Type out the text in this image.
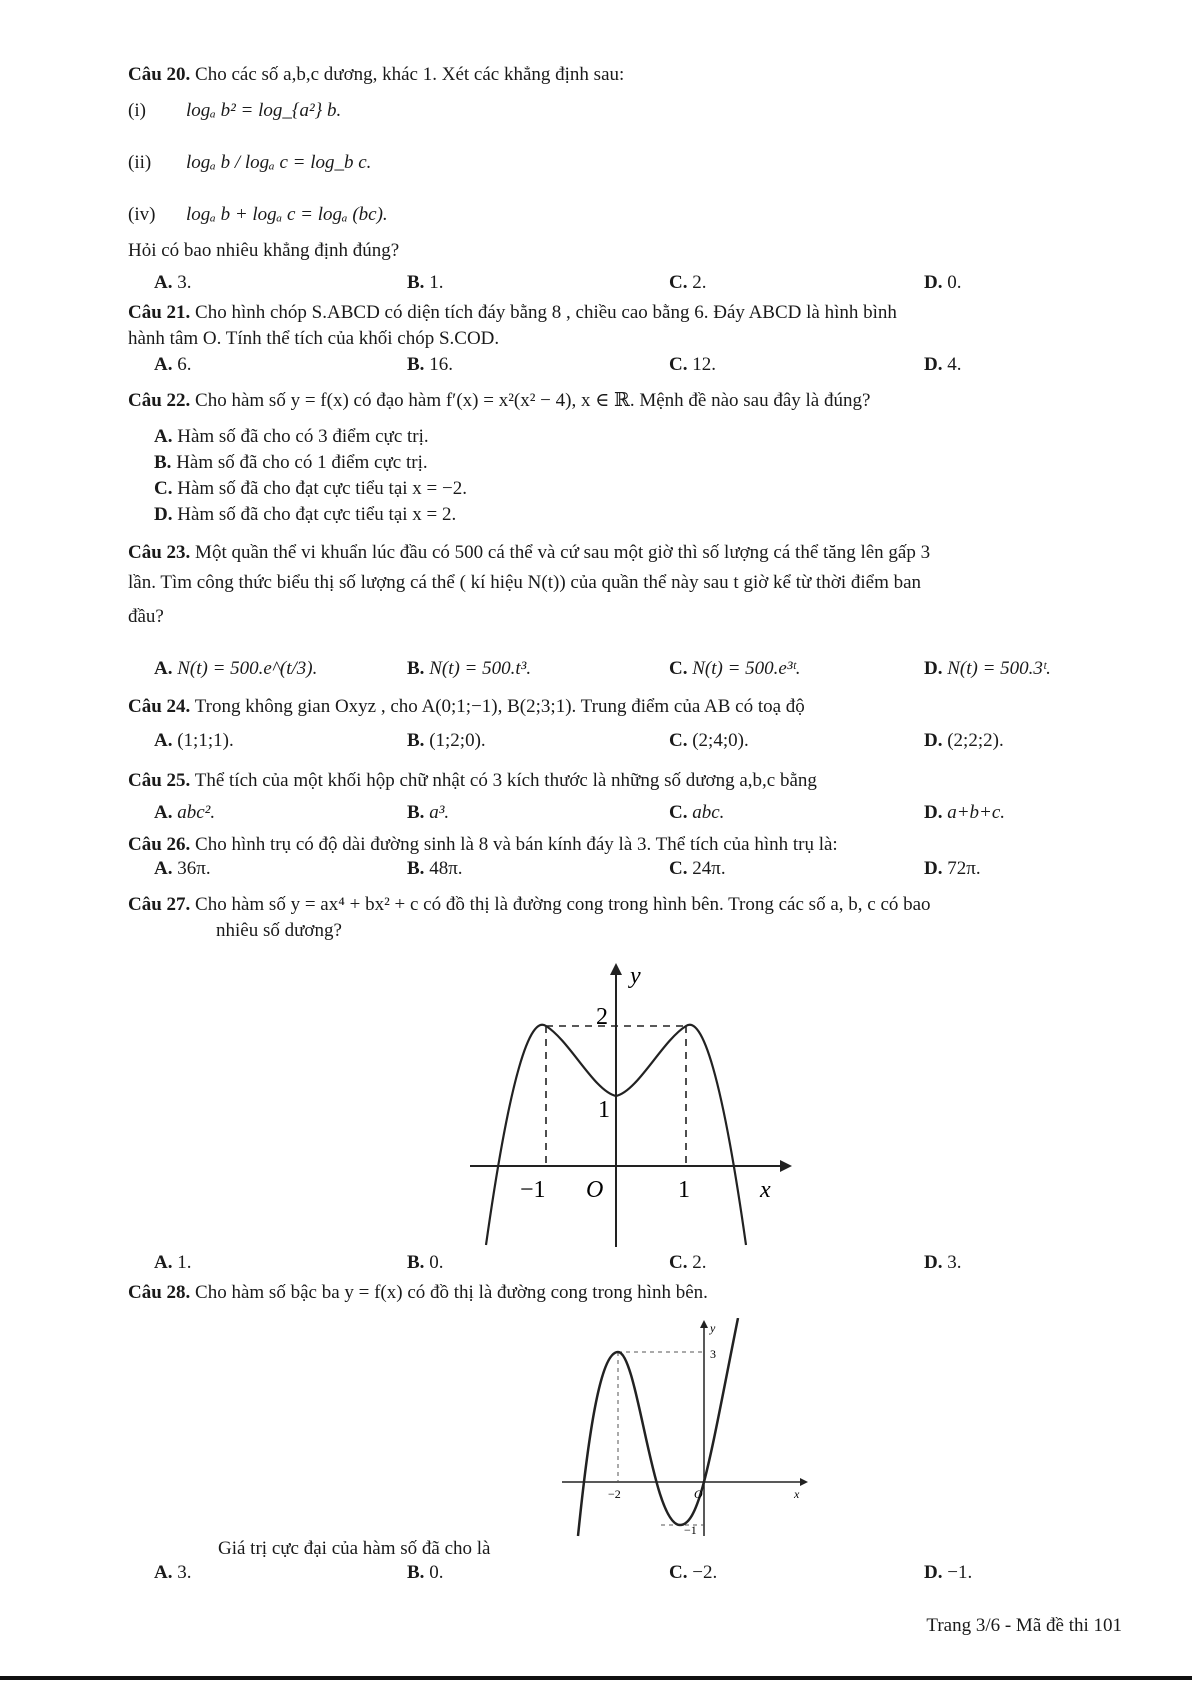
Câu 20. Cho các số a,b,c dương, khác 1. Xét các khẳng định sau:
(i) logₐ b² = log_{a²} b.
(ii) logₐ b / logₐ c = log_b c.
(iv) logₐ b + logₐ c = logₐ (bc).
Hỏi có bao nhiêu khẳng định đúng?
A. 3.	B. 1.	C. 2.	D. 0.
Câu 21. Cho hình chóp S.ABCD có diện tích đáy bằng 8 , chiều cao bằng 6. Đáy ABCD là hình bình
hành tâm O. Tính thể tích của khối chóp S.COD.
A. 6.	B. 16.	C. 12.	D. 4.
Câu 22. Cho hàm số y = f(x) có đạo hàm f′(x) = x²(x² − 4), x ∈ ℝ. Mệnh đề nào sau đây là đúng?
A. Hàm số đã cho có 3 điểm cực trị.
B. Hàm số đã cho có 1 điểm cực trị.
C. Hàm số đã cho đạt cực tiểu tại x = −2.
D. Hàm số đã cho đạt cực tiểu tại x = 2.
Câu 23. Một quần thể vi khuẩn lúc đầu có 500 cá thể và cứ sau một giờ thì số lượng cá thể tăng lên gấp 3
lần. Tìm công thức biểu thị số lượng cá thể ( kí hiệu N(t)) của quần thể này sau t giờ kể từ thời điểm ban
đầu?
A. N(t) = 500.e^(t/3).	B. N(t) = 500.t³.	C. N(t) = 500.e³ᵗ.	D. N(t) = 500.3ᵗ.
Câu 24. Trong không gian Oxyz , cho A(0;1;−1), B(2;3;1). Trung điểm của AB có toạ độ
A. (1;1;1).	B. (1;2;0).	C. (2;4;0).	D. (2;2;2).
Câu 25. Thể tích của một khối hộp chữ nhật có 3 kích thước là những số dương a,b,c bằng
A. abc².	B. a³.	C. abc.	D. a+b+c.
Câu 26. Cho hình trụ có độ dài đường sinh là 8 và bán kính đáy là 3. Thể tích của hình trụ là:
A. 36π.	B. 48π.	C. 24π.	D. 72π.
Câu 27. Cho hàm số y = ax⁴ + bx² + c có đồ thị là đường cong trong hình bên. Trong các số a, b, c có bao
nhiêu số dương?
y
2
1
−1 O	1	x
A. 1.	B. 0.	C. 2.	D. 3.
Câu 28. Cho hàm số bậc ba y = f(x) có đồ thị là đường cong trong hình bên.
y
3
−2	O
−1
x
Giá trị cực đại của hàm số đã cho là
A. 3.	B. 0.	C. −2.	D. −1.
Trang 3/6 - Mã đề thi 101
